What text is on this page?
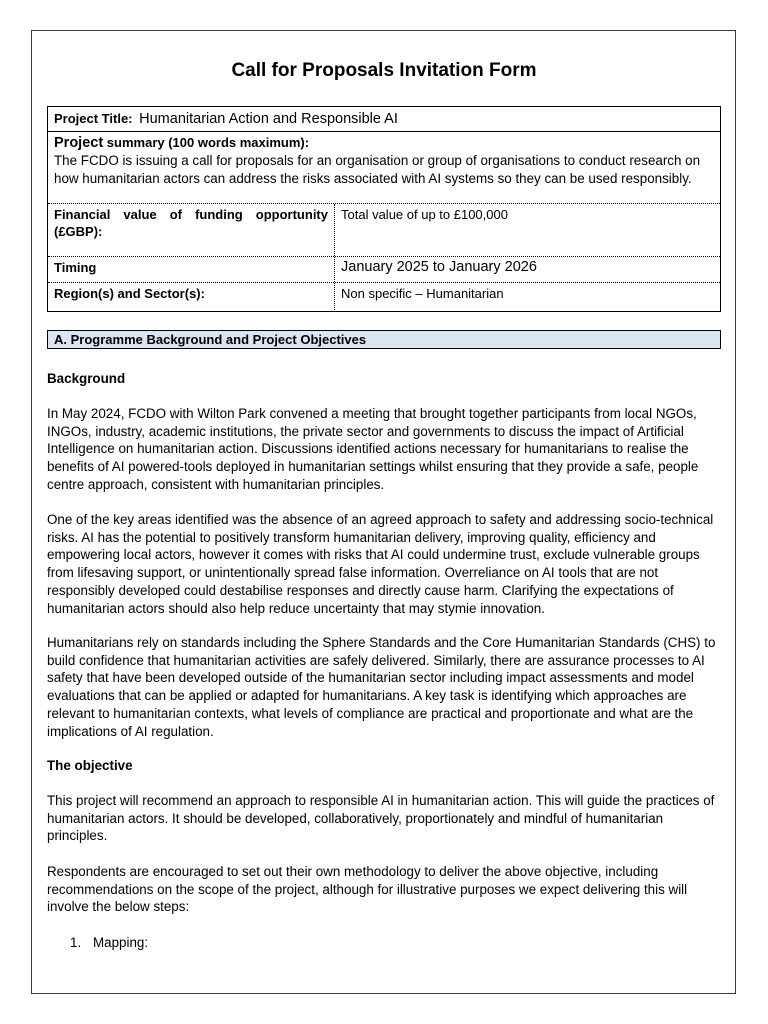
Call for Proposals Invitation Form
Project Title: Humanitarian Action and Responsible AI
Project summary (100 words maximum):
The FCDO is issuing a call for proposals for an organisation or group of organisations to conduct research on how humanitarian actors can address the risks associated with AI systems so they can be used responsibly.
Financial value of funding opportunity (£GBP):
Total value of up to £100,000
Timing	January 2025 to January 2026
Region(s) and Sector(s):	Non specific – Humanitarian
A. Programme Background and Project Objectives
Background
In May 2024, FCDO with Wilton Park convened a meeting that brought together participants from local NGOs, INGOs, industry, academic institutions, the private sector and governments to discuss the impact of Artificial Intelligence on humanitarian action. Discussions identified actions necessary for humanitarians to realise the benefits of AI powered-tools deployed in humanitarian settings whilst ensuring that they provide a safe, people centre approach, consistent with humanitarian principles.
One of the key areas identified was the absence of an agreed approach to safety and addressing socio-technical risks. AI has the potential to positively transform humanitarian delivery, improving quality, efficiency and empowering local actors, however it comes with risks that AI could undermine trust, exclude vulnerable groups from lifesaving support, or unintentionally spread false information. Overreliance on AI tools that are not responsibly developed could destabilise responses and directly cause harm. Clarifying the expectations of humanitarian actors should also help reduce uncertainty that may stymie innovation.
Humanitarians rely on standards including the Sphere Standards and the Core Humanitarian Standards (CHS) to build confidence that humanitarian activities are safely delivered. Similarly, there are assurance processes to AI safety that have been developed outside of the humanitarian sector including impact assessments and model evaluations that can be applied or adapted for humanitarians. A key task is identifying which approaches are relevant to humanitarian contexts, what levels of compliance are practical and proportionate and what are the implications of AI regulation.
The objective
This project will recommend an approach to responsible AI in humanitarian action. This will guide the practices of humanitarian actors. It should be developed, collaboratively, proportionately and mindful of humanitarian principles.
Respondents are encouraged to set out their own methodology to deliver the above objective, including recommendations on the scope of the project, although for illustrative purposes we expect delivering this will involve the below steps:
1. Mapping:
